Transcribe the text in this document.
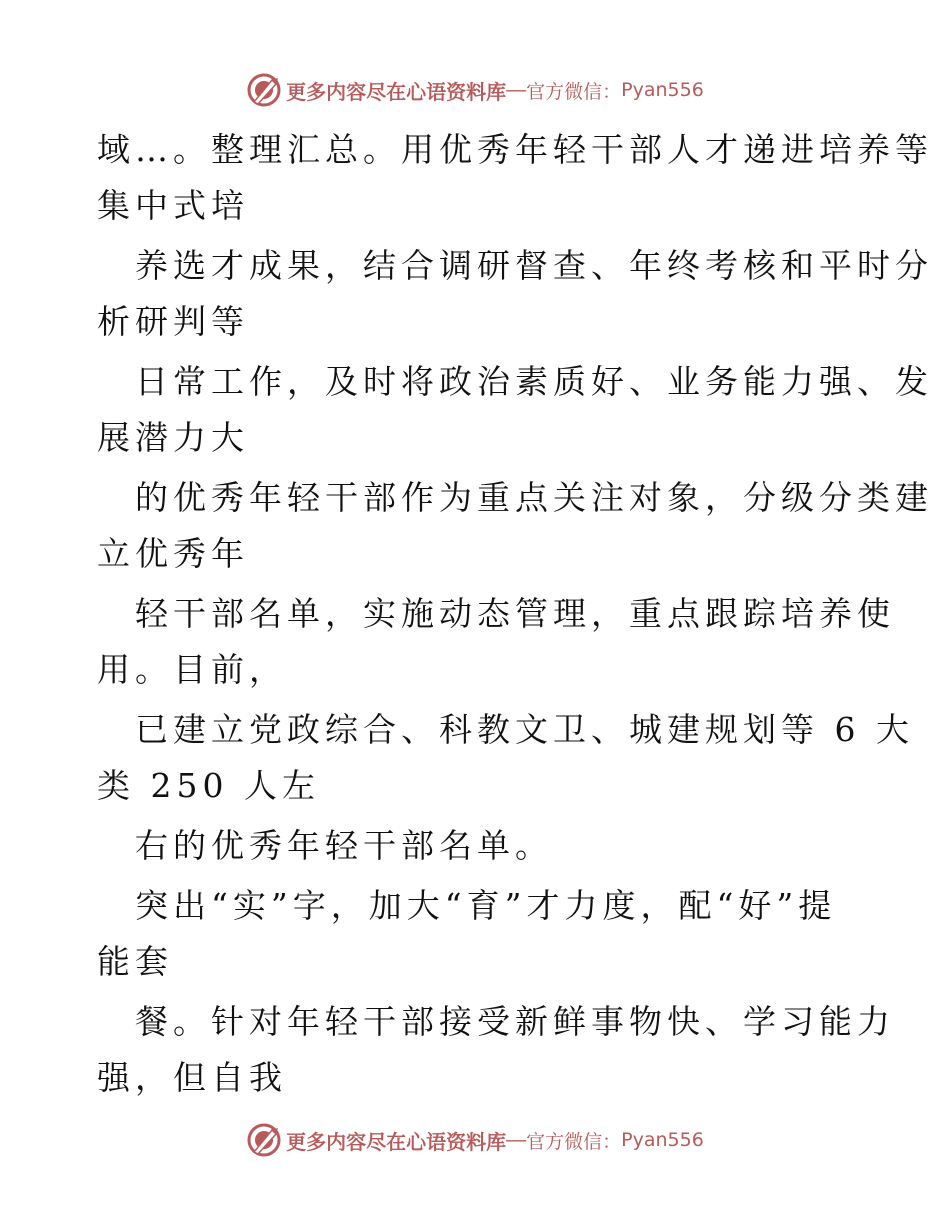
更多内容尽在心语资料库 — 官方微信： Pyan556
域…。整理汇总。用优秀年轻干部人才递进培养等
集中式培
养选才成果，结合调研督查、年终考核和平时分
析研判等
日常工作，及时将政治素质好、业务能力强、发
展潜力大
的优秀年轻干部作为重点关注对象，分级分类建
立优秀年
轻干部名单，实施动态管理，重点跟踪培养使
用。目前，
已建立党政综合、科教文卫、城建规划等 6 大
类 250 人左
右的优秀年轻干部名单。
突出“实”字，加大“育”才力度，配“好”提
能套
餐。针对年轻干部接受新鲜事物快、学习能力
强，但自我
更多内容尽在心语资料库 — 官方微信： Pyan556
